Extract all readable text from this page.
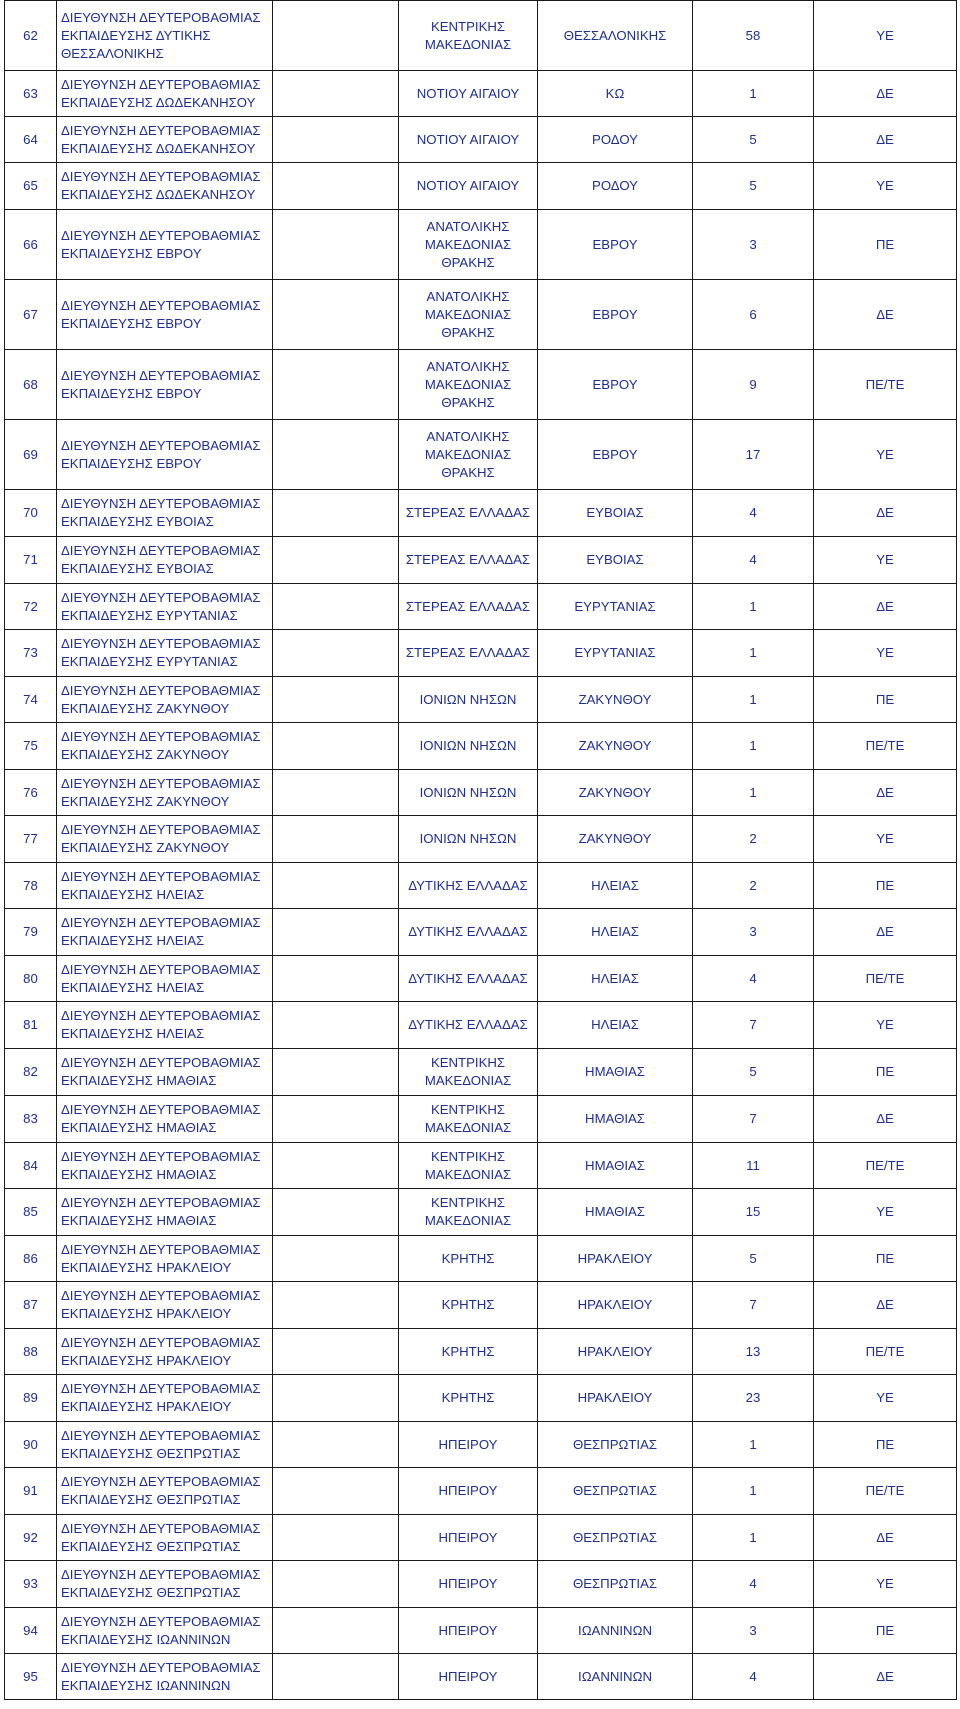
62	ΔΙΕΥΘΥΝΣΗ ΔΕΥΤΕΡΟΒΑΘΜΙΑΣ
ΕΚΠΑΙΔΕΥΣΗΣ ΔΥΤΙΚΗΣ
ΘΕΣΣΑΛΟΝΙΚΗΣ		ΚΕΝΤΡΙΚΗΣ
ΜΑΚΕΔΟΝΙΑΣ	ΘΕΣΣΑΛΟΝΙΚΗΣ	58	ΥΕ
63	ΔΙΕΥΘΥΝΣΗ ΔΕΥΤΕΡΟΒΑΘΜΙΑΣ
ΕΚΠΑΙΔΕΥΣΗΣ ΔΩΔΕΚΑΝΗΣΟΥ		ΝΟΤΙΟΥ ΑΙΓΑΙΟΥ	ΚΩ	1	ΔΕ
64	ΔΙΕΥΘΥΝΣΗ ΔΕΥΤΕΡΟΒΑΘΜΙΑΣ
ΕΚΠΑΙΔΕΥΣΗΣ ΔΩΔΕΚΑΝΗΣΟΥ		ΝΟΤΙΟΥ ΑΙΓΑΙΟΥ	ΡΟΔΟΥ	5	ΔΕ
65	ΔΙΕΥΘΥΝΣΗ ΔΕΥΤΕΡΟΒΑΘΜΙΑΣ
ΕΚΠΑΙΔΕΥΣΗΣ ΔΩΔΕΚΑΝΗΣΟΥ		ΝΟΤΙΟΥ ΑΙΓΑΙΟΥ	ΡΟΔΟΥ	5	ΥΕ
66	ΔΙΕΥΘΥΝΣΗ ΔΕΥΤΕΡΟΒΑΘΜΙΑΣ
ΕΚΠΑΙΔΕΥΣΗΣ ΕΒΡΟΥ		ΑΝΑΤΟΛΙΚΗΣ
ΜΑΚΕΔΟΝΙΑΣ
ΘΡΑΚΗΣ	ΕΒΡΟΥ	3	ΠΕ
67	ΔΙΕΥΘΥΝΣΗ ΔΕΥΤΕΡΟΒΑΘΜΙΑΣ
ΕΚΠΑΙΔΕΥΣΗΣ ΕΒΡΟΥ		ΑΝΑΤΟΛΙΚΗΣ
ΜΑΚΕΔΟΝΙΑΣ
ΘΡΑΚΗΣ	ΕΒΡΟΥ	6	ΔΕ
68	ΔΙΕΥΘΥΝΣΗ ΔΕΥΤΕΡΟΒΑΘΜΙΑΣ
ΕΚΠΑΙΔΕΥΣΗΣ ΕΒΡΟΥ		ΑΝΑΤΟΛΙΚΗΣ
ΜΑΚΕΔΟΝΙΑΣ
ΘΡΑΚΗΣ	ΕΒΡΟΥ	9	ΠΕ/ΤΕ
69	ΔΙΕΥΘΥΝΣΗ ΔΕΥΤΕΡΟΒΑΘΜΙΑΣ
ΕΚΠΑΙΔΕΥΣΗΣ ΕΒΡΟΥ		ΑΝΑΤΟΛΙΚΗΣ
ΜΑΚΕΔΟΝΙΑΣ
ΘΡΑΚΗΣ	ΕΒΡΟΥ	17	ΥΕ
70	ΔΙΕΥΘΥΝΣΗ ΔΕΥΤΕΡΟΒΑΘΜΙΑΣ
ΕΚΠΑΙΔΕΥΣΗΣ ΕΥΒΟΙΑΣ		ΣΤΕΡΕΑΣ ΕΛΛΑΔΑΣ	ΕΥΒΟΙΑΣ	4	ΔΕ
71	ΔΙΕΥΘΥΝΣΗ ΔΕΥΤΕΡΟΒΑΘΜΙΑΣ
ΕΚΠΑΙΔΕΥΣΗΣ ΕΥΒΟΙΑΣ		ΣΤΕΡΕΑΣ ΕΛΛΑΔΑΣ	ΕΥΒΟΙΑΣ	4	ΥΕ
72	ΔΙΕΥΘΥΝΣΗ ΔΕΥΤΕΡΟΒΑΘΜΙΑΣ
ΕΚΠΑΙΔΕΥΣΗΣ ΕΥΡΥΤΑΝΙΑΣ		ΣΤΕΡΕΑΣ ΕΛΛΑΔΑΣ	ΕΥΡΥΤΑΝΙΑΣ	1	ΔΕ
73	ΔΙΕΥΘΥΝΣΗ ΔΕΥΤΕΡΟΒΑΘΜΙΑΣ
ΕΚΠΑΙΔΕΥΣΗΣ ΕΥΡΥΤΑΝΙΑΣ		ΣΤΕΡΕΑΣ ΕΛΛΑΔΑΣ	ΕΥΡΥΤΑΝΙΑΣ	1	ΥΕ
74	ΔΙΕΥΘΥΝΣΗ ΔΕΥΤΕΡΟΒΑΘΜΙΑΣ
ΕΚΠΑΙΔΕΥΣΗΣ ΖΑΚΥΝΘΟΥ		ΙΟΝΙΩΝ ΝΗΣΩΝ	ΖΑΚΥΝΘΟΥ	1	ΠΕ
75	ΔΙΕΥΘΥΝΣΗ ΔΕΥΤΕΡΟΒΑΘΜΙΑΣ
ΕΚΠΑΙΔΕΥΣΗΣ ΖΑΚΥΝΘΟΥ		ΙΟΝΙΩΝ ΝΗΣΩΝ	ΖΑΚΥΝΘΟΥ	1	ΠΕ/ΤΕ
76	ΔΙΕΥΘΥΝΣΗ ΔΕΥΤΕΡΟΒΑΘΜΙΑΣ
ΕΚΠΑΙΔΕΥΣΗΣ ΖΑΚΥΝΘΟΥ		ΙΟΝΙΩΝ ΝΗΣΩΝ	ΖΑΚΥΝΘΟΥ	1	ΔΕ
77	ΔΙΕΥΘΥΝΣΗ ΔΕΥΤΕΡΟΒΑΘΜΙΑΣ
ΕΚΠΑΙΔΕΥΣΗΣ ΖΑΚΥΝΘΟΥ		ΙΟΝΙΩΝ ΝΗΣΩΝ	ΖΑΚΥΝΘΟΥ	2	ΥΕ
78	ΔΙΕΥΘΥΝΣΗ ΔΕΥΤΕΡΟΒΑΘΜΙΑΣ
ΕΚΠΑΙΔΕΥΣΗΣ ΗΛΕΙΑΣ		ΔΥΤΙΚΗΣ ΕΛΛΑΔΑΣ	ΗΛΕΙΑΣ	2	ΠΕ
79	ΔΙΕΥΘΥΝΣΗ ΔΕΥΤΕΡΟΒΑΘΜΙΑΣ
ΕΚΠΑΙΔΕΥΣΗΣ ΗΛΕΙΑΣ		ΔΥΤΙΚΗΣ ΕΛΛΑΔΑΣ	ΗΛΕΙΑΣ	3	ΔΕ
80	ΔΙΕΥΘΥΝΣΗ ΔΕΥΤΕΡΟΒΑΘΜΙΑΣ
ΕΚΠΑΙΔΕΥΣΗΣ ΗΛΕΙΑΣ		ΔΥΤΙΚΗΣ ΕΛΛΑΔΑΣ	ΗΛΕΙΑΣ	4	ΠΕ/ΤΕ
81	ΔΙΕΥΘΥΝΣΗ ΔΕΥΤΕΡΟΒΑΘΜΙΑΣ
ΕΚΠΑΙΔΕΥΣΗΣ ΗΛΕΙΑΣ		ΔΥΤΙΚΗΣ ΕΛΛΑΔΑΣ	ΗΛΕΙΑΣ	7	ΥΕ
82	ΔΙΕΥΘΥΝΣΗ ΔΕΥΤΕΡΟΒΑΘΜΙΑΣ
ΕΚΠΑΙΔΕΥΣΗΣ ΗΜΑΘΙΑΣ		ΚΕΝΤΡΙΚΗΣ
ΜΑΚΕΔΟΝΙΑΣ	ΗΜΑΘΙΑΣ	5	ΠΕ
83	ΔΙΕΥΘΥΝΣΗ ΔΕΥΤΕΡΟΒΑΘΜΙΑΣ
ΕΚΠΑΙΔΕΥΣΗΣ ΗΜΑΘΙΑΣ		ΚΕΝΤΡΙΚΗΣ
ΜΑΚΕΔΟΝΙΑΣ	ΗΜΑΘΙΑΣ	7	ΔΕ
84	ΔΙΕΥΘΥΝΣΗ ΔΕΥΤΕΡΟΒΑΘΜΙΑΣ
ΕΚΠΑΙΔΕΥΣΗΣ ΗΜΑΘΙΑΣ		ΚΕΝΤΡΙΚΗΣ
ΜΑΚΕΔΟΝΙΑΣ	ΗΜΑΘΙΑΣ	11	ΠΕ/ΤΕ
85	ΔΙΕΥΘΥΝΣΗ ΔΕΥΤΕΡΟΒΑΘΜΙΑΣ
ΕΚΠΑΙΔΕΥΣΗΣ ΗΜΑΘΙΑΣ		ΚΕΝΤΡΙΚΗΣ
ΜΑΚΕΔΟΝΙΑΣ	ΗΜΑΘΙΑΣ	15	ΥΕ
86	ΔΙΕΥΘΥΝΣΗ ΔΕΥΤΕΡΟΒΑΘΜΙΑΣ
ΕΚΠΑΙΔΕΥΣΗΣ ΗΡΑΚΛΕΙΟΥ		ΚΡΗΤΗΣ	ΗΡΑΚΛΕΙΟΥ	5	ΠΕ
87	ΔΙΕΥΘΥΝΣΗ ΔΕΥΤΕΡΟΒΑΘΜΙΑΣ
ΕΚΠΑΙΔΕΥΣΗΣ ΗΡΑΚΛΕΙΟΥ		ΚΡΗΤΗΣ	ΗΡΑΚΛΕΙΟΥ	7	ΔΕ
88	ΔΙΕΥΘΥΝΣΗ ΔΕΥΤΕΡΟΒΑΘΜΙΑΣ
ΕΚΠΑΙΔΕΥΣΗΣ ΗΡΑΚΛΕΙΟΥ		ΚΡΗΤΗΣ	ΗΡΑΚΛΕΙΟΥ	13	ΠΕ/ΤΕ
89	ΔΙΕΥΘΥΝΣΗ ΔΕΥΤΕΡΟΒΑΘΜΙΑΣ
ΕΚΠΑΙΔΕΥΣΗΣ ΗΡΑΚΛΕΙΟΥ		ΚΡΗΤΗΣ	ΗΡΑΚΛΕΙΟΥ	23	ΥΕ
90	ΔΙΕΥΘΥΝΣΗ ΔΕΥΤΕΡΟΒΑΘΜΙΑΣ
ΕΚΠΑΙΔΕΥΣΗΣ ΘΕΣΠΡΩΤΙΑΣ		ΗΠΕΙΡΟΥ	ΘΕΣΠΡΩΤΙΑΣ	1	ΠΕ
91	ΔΙΕΥΘΥΝΣΗ ΔΕΥΤΕΡΟΒΑΘΜΙΑΣ
ΕΚΠΑΙΔΕΥΣΗΣ ΘΕΣΠΡΩΤΙΑΣ		ΗΠΕΙΡΟΥ	ΘΕΣΠΡΩΤΙΑΣ	1	ΠΕ/ΤΕ
92	ΔΙΕΥΘΥΝΣΗ ΔΕΥΤΕΡΟΒΑΘΜΙΑΣ
ΕΚΠΑΙΔΕΥΣΗΣ ΘΕΣΠΡΩΤΙΑΣ		ΗΠΕΙΡΟΥ	ΘΕΣΠΡΩΤΙΑΣ	1	ΔΕ
93	ΔΙΕΥΘΥΝΣΗ ΔΕΥΤΕΡΟΒΑΘΜΙΑΣ
ΕΚΠΑΙΔΕΥΣΗΣ ΘΕΣΠΡΩΤΙΑΣ		ΗΠΕΙΡΟΥ	ΘΕΣΠΡΩΤΙΑΣ	4	ΥΕ
94	ΔΙΕΥΘΥΝΣΗ ΔΕΥΤΕΡΟΒΑΘΜΙΑΣ
ΕΚΠΑΙΔΕΥΣΗΣ ΙΩΑΝΝΙΝΩΝ		ΗΠΕΙΡΟΥ	ΙΩΑΝΝΙΝΩΝ	3	ΠΕ
95	ΔΙΕΥΘΥΝΣΗ ΔΕΥΤΕΡΟΒΑΘΜΙΑΣ
ΕΚΠΑΙΔΕΥΣΗΣ ΙΩΑΝΝΙΝΩΝ		ΗΠΕΙΡΟΥ	ΙΩΑΝΝΙΝΩΝ	4	ΔΕ
